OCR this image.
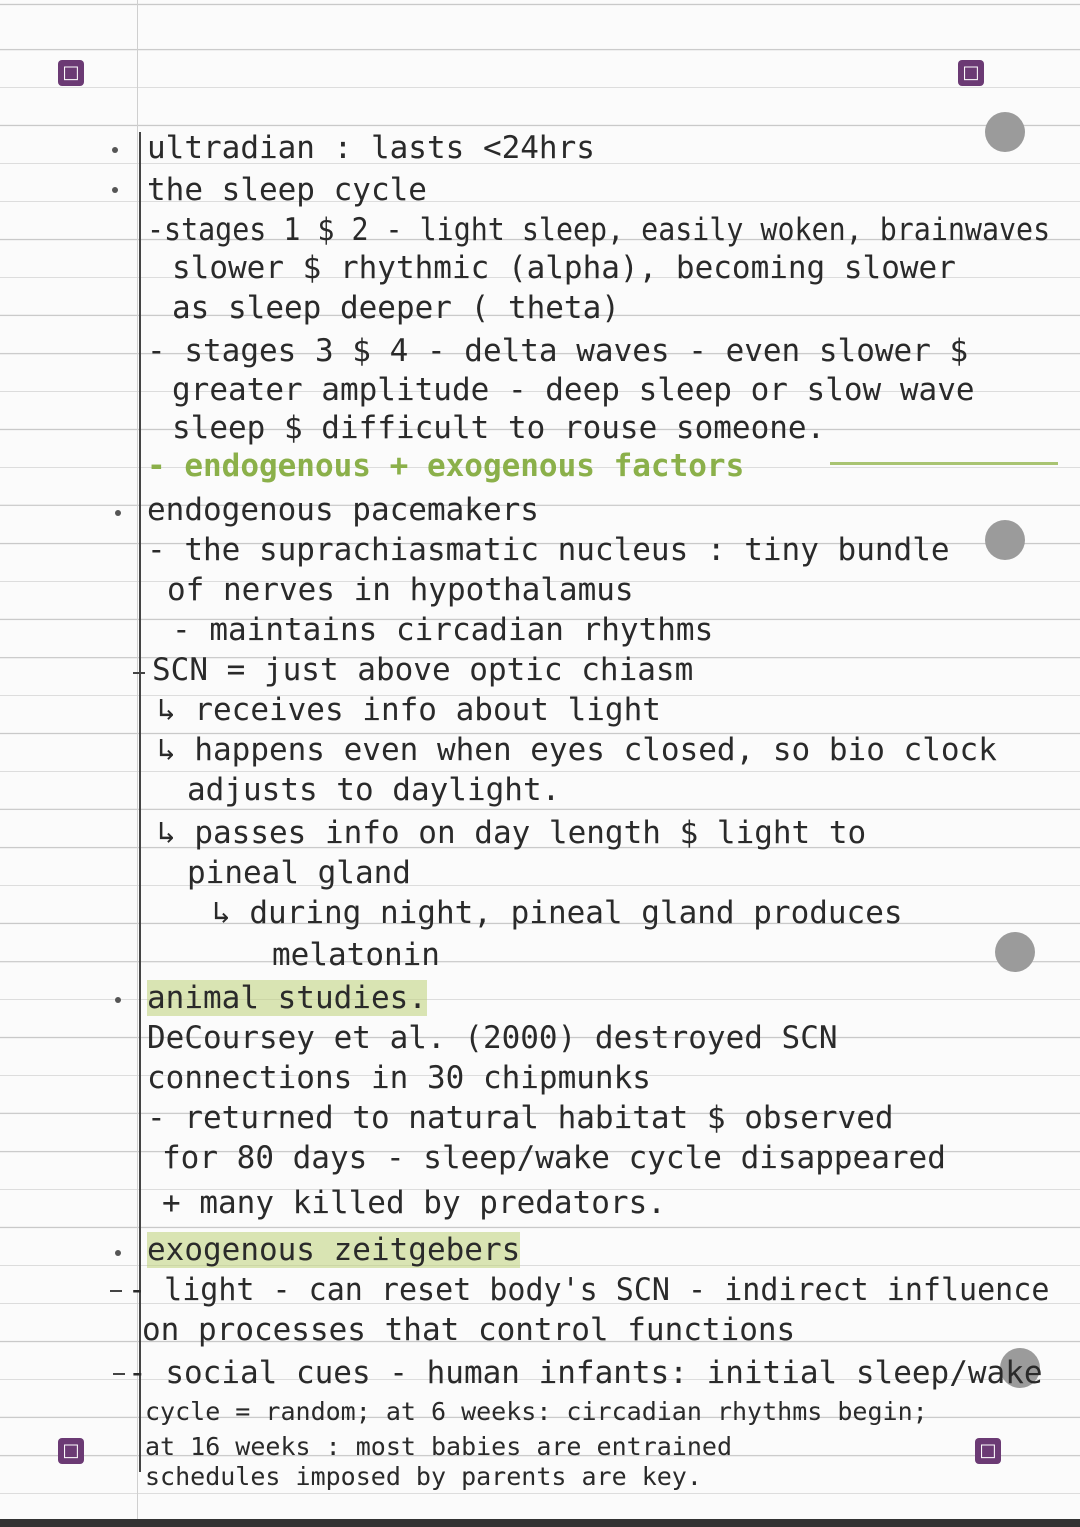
□	□
□	□
ultradian : lasts <24hrs
the sleep cycle
-stages 1 $ 2 - light sleep, easily woken, brainwaves
slower $ rhythmic (alpha), becoming slower
as sleep deeper ( theta)
- stages 3 $ 4 - delta waves - even slower $
greater amplitude - deep sleep or slow wave
sleep $ difficult to rouse someone.
- endogenous + exogenous factors
endogenous pacemakers
- the suprachiasmatic nucleus : tiny bundle
of nerves in hypothalamus
- maintains circadian rhythms
SCN = just above optic chiasm
↳ receives info about light
↳ happens even when eyes closed, so bio clock
adjusts to daylight.
↳ passes info on day length $ light to
pineal gland
↳ during night, pineal gland produces
melatonin
animal studies.
DeCoursey et al. (2000) destroyed SCN
connections in 30 chipmunks
- returned to natural habitat $ observed
for 80 days - sleep/wake cycle disappeared
+ many killed by predators.
exogenous zeitgebers
- light - can reset body's SCN - indirect influence
on processes that control functions
- social cues - human infants: initial sleep/wake
cycle = random; at 6 weeks: circadian rhythms begin;
at 16 weeks : most babies are entrained
schedules imposed by parents are key.
